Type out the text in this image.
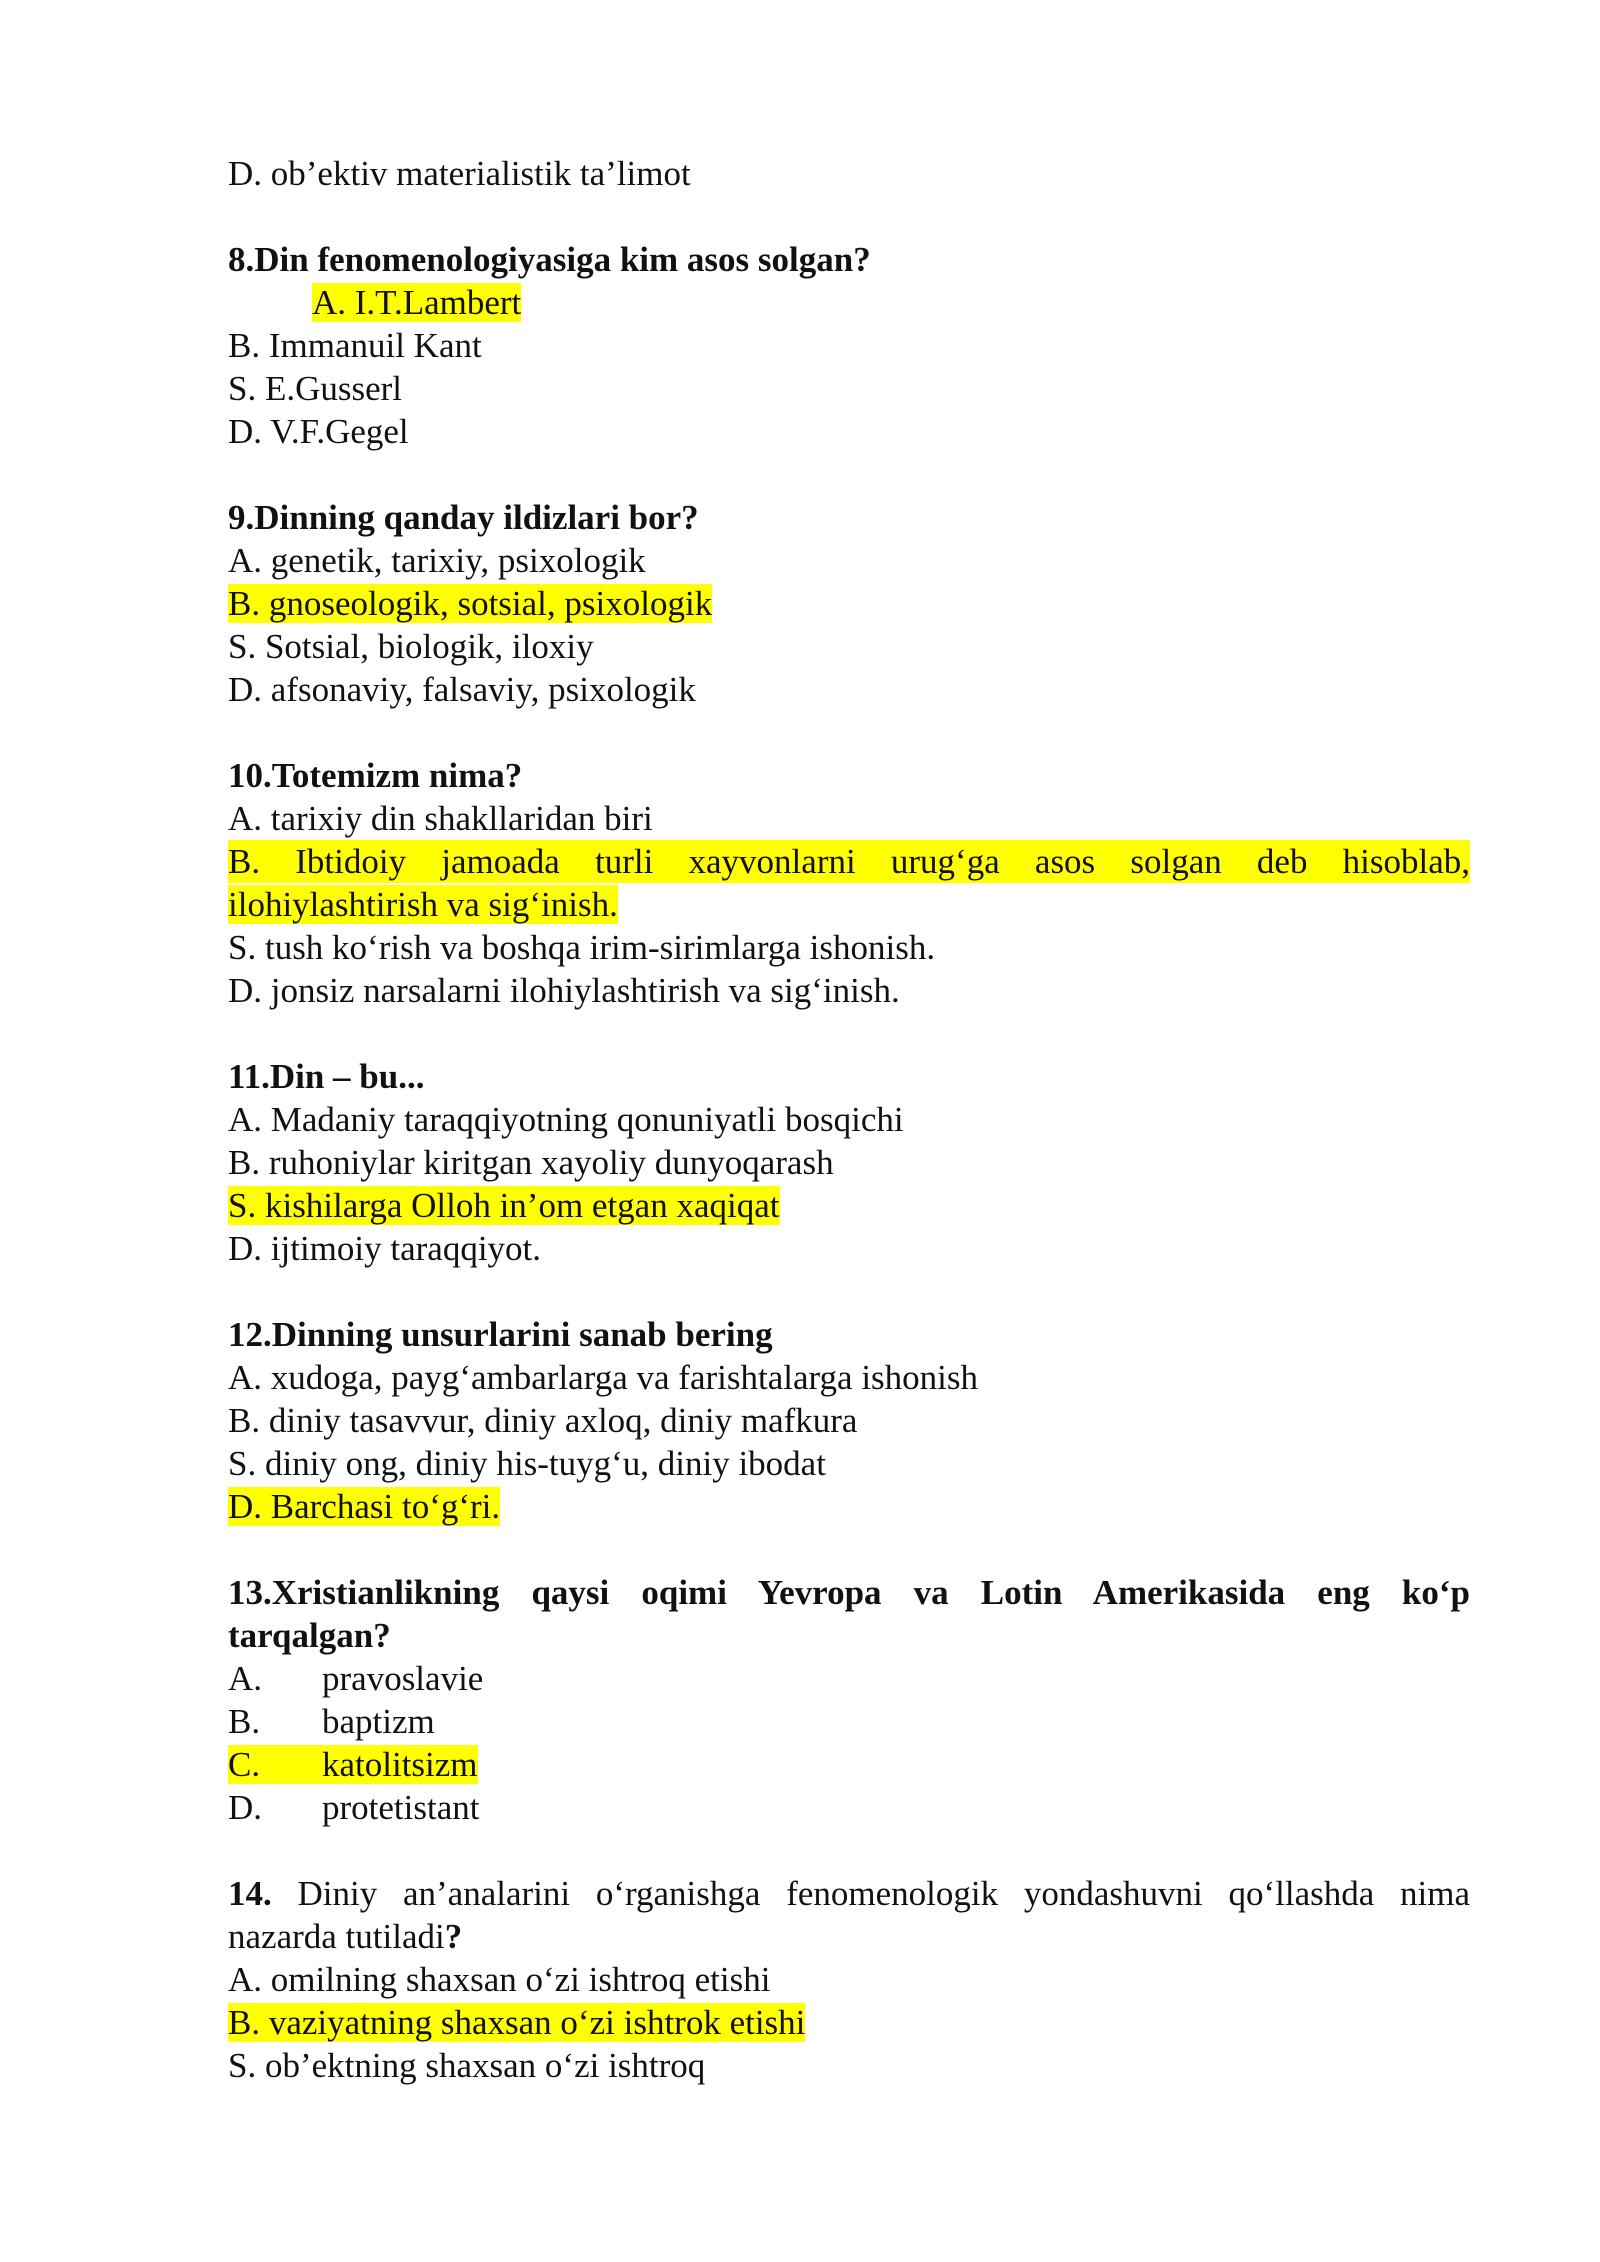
D. ob’ektiv materialistik ta’limot
8.Din fenomenologiyasiga kim asos solgan?
A. I.T.Lambert
B. Immanuil Kant
S. E.Gusserl
D. V.F.Gegel
9.Dinning qanday ildizlari bor?
A. genetik, tarixiy, psixologik
B. gnoseologik, sotsial, psixologik
S. Sotsial, biologik, iloxiy
D. afsonaviy, falsaviy, psixologik
10.Totemizm nima?
A. tarixiy din shakllaridan biri
B. Ibtidoiy jamoada turli xayvonlarni urug‘ga asos solgan deb hisoblab,
ilohiylashtirish va sig‘inish.
S. tush ko‘rish va boshqa irim-sirimlarga ishonish.
D. jonsiz narsalarni ilohiylashtirish va sig‘inish.
11.Din – bu...
A. Madaniy taraqqiyotning qonuniyatli bosqichi
B. ruhoniylar kiritgan xayoliy dunyoqarash
S. kishilarga Olloh in’om etgan xaqiqat
D. ijtimoiy taraqqiyot.
12.Dinning unsurlarini sanab bering
A. xudoga, payg‘ambarlarga va farishtalarga ishonish
B. diniy tasavvur, diniy axloq, diniy mafkura
S. diniy ong, diniy his-tuyg‘u, diniy ibodat
D. Barchasi to‘g‘ri.
13.Xristianlikning qaysi oqimi Yevropa va Lotin Amerikasida eng ko‘p
tarqalgan?
A. pravoslavie
B. baptizm
C. katolitsizm
D. protetistant
14. Diniy an’analarini o‘rganishga fenomenologik yondashuvni qo‘llashda nima
nazarda tutiladi?
A. omilning shaxsan o‘zi ishtroq etishi
B. vaziyatning shaxsan o‘zi ishtrok etishi
S. ob’ektning shaxsan o‘zi ishtroq
